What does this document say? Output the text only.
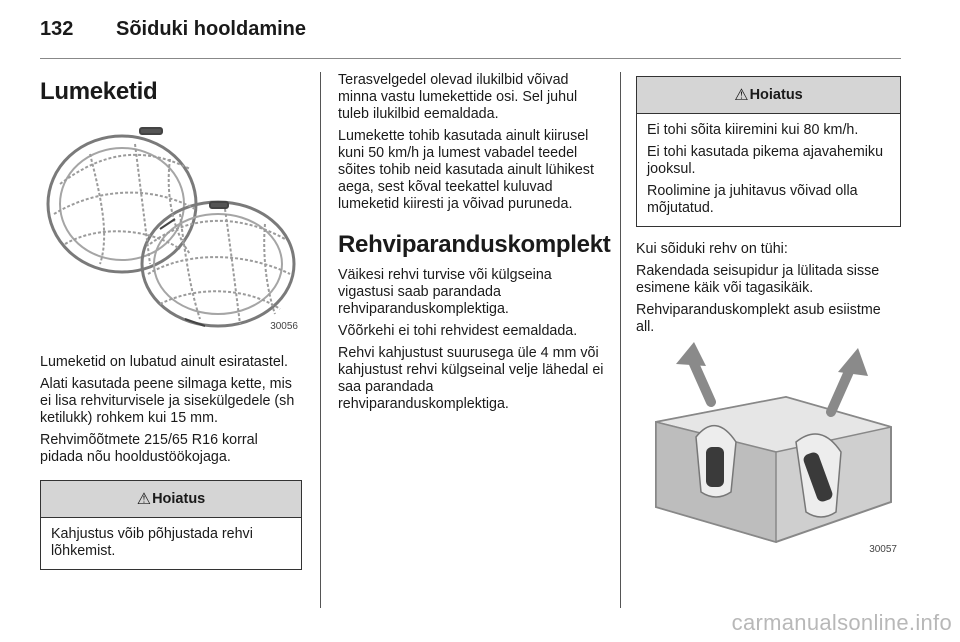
132 Sõiduki hooldamine
Lumeketid
30056

Lumeketid on lubatud ainult esiratastel.

Alati kasutada peene silmaga kette, mis ei lisa rehviturvisele ja sisekülgedele (sh ketilukk) rohkem kui 15 mm.

Rehvimõõtmete 215/65 R16 korral pidada nõu hooldustöökojaga.

⚠ Hoiatus

Kahjustus võib põhjustada rehvi lõhkemist.

Terasvelgedel olevad ilukilbid võivad minna vastu lumekettide osi. Sel juhul tuleb ilukilbid eemaldada.

Lumekette tohib kasutada ainult kiirusel kuni 50 km/h ja lumest vabadel teedel sõites tohib neid kasutada ainult lühikest aega, sest kõval teekattel kuluvad lumeketid kiiresti ja võivad puruneda.

Rehviparanduskomplekt

Väikesi rehvi turvise või külgseina vigastusi saab parandada rehviparanduskomplektiga.

Võõrkehi ei tohi rehvidest eemaldada.

Rehvi kahjustust suurusega üle 4 mm või kahjustust rehvi külgseinal velje lähedal ei saa parandada rehviparanduskomplektiga.

⚠ Hoiatus

Ei tohi sõita kiiremini kui 80 km/h.

Ei tohi kasutada pikema ajavahemiku jooksul.

Roolimine ja juhitavus võivad olla mõjutatud.

Kui sõiduki rehv on tühi:

Rakendada seisupidur ja lülitada sisse esimene käik või tagasikäik.

Rehviparanduskomplekt asub esiistme all.

30057
carmanualsonline.info
